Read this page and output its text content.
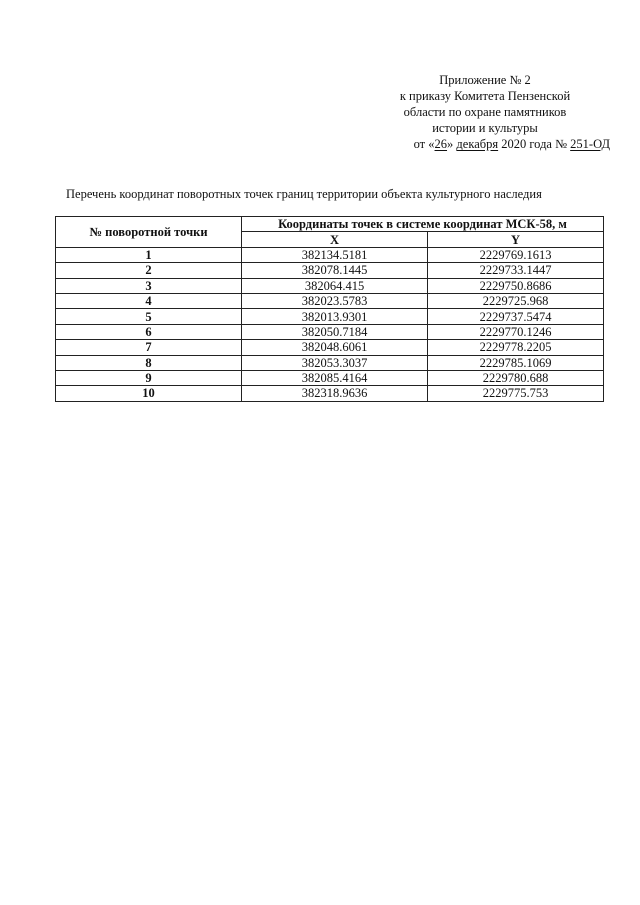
Приложение № 2
к приказу Комитета Пензенской
области по охране памятников
истории и культуры
от «26» декабря 2020 года № 251-ОД
Перечень координат поворотных точек границ территории объекта культурного наследия
№ поворотной точки	Координаты точек в системе координат МСК-58, м	
	X	Y
1	382134.5181	2229769.1613
2	382078.1445	2229733.1447
3	382064.415	2229750.8686
4	382023.5783	2229725.968
5	382013.9301	2229737.5474
6	382050.7184	2229770.1246
7	382048.6061	2229778.2205
8	382053.3037	2229785.1069
9	382085.4164	2229780.688
10	382318.9636	2229775.753
